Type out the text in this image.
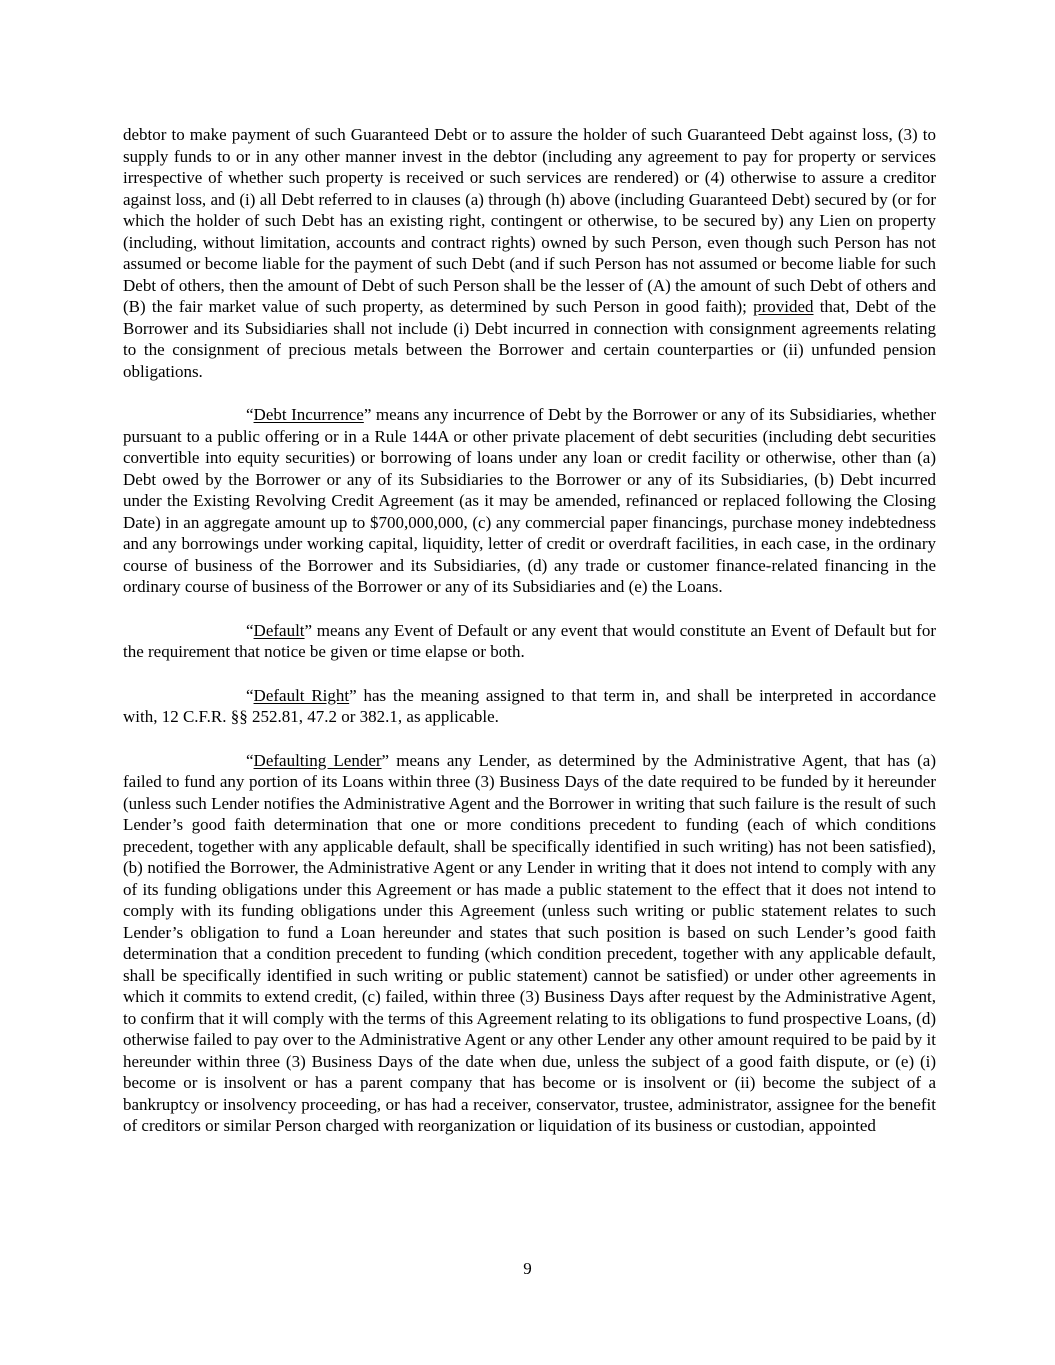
debtor to make payment of such Guaranteed Debt or to assure the holder of such Guaranteed Debt against loss, (3) to supply funds to or in any other manner invest in the debtor (including any agreement to pay for property or services irrespective of whether such property is received or such services are rendered) or (4) otherwise to assure a creditor against loss, and (i) all Debt referred to in clauses (a) through (h) above (including Guaranteed Debt) secured by (or for which the holder of such Debt has an existing right, contingent or otherwise, to be secured by) any Lien on property (including, without limitation, accounts and contract rights) owned by such Person, even though such Person has not assumed or become liable for the payment of such Debt (and if such Person has not assumed or become liable for such Debt of others, then the amount of Debt of such Person shall be the lesser of (A) the amount of such Debt of others and (B) the fair market value of such property, as determined by such Person in good faith); provided that, Debt of the Borrower and its Subsidiaries shall not include (i) Debt incurred in connection with consignment agreements relating to the consignment of precious metals between the Borrower and certain counterparties or (ii) unfunded pension obligations.

“Debt Incurrence” means any incurrence of Debt by the Borrower or any of its Subsidiaries, whether pursuant to a public offering or in a Rule 144A or other private placement of debt securities (including debt securities convertible into equity securities) or borrowing of loans under any loan or credit facility or otherwise, other than (a) Debt owed by the Borrower or any of its Subsidiaries to the Borrower or any of its Subsidiaries, (b) Debt incurred under the Existing Revolving Credit Agreement (as it may be amended, refinanced or replaced following the Closing Date) in an aggregate amount up to $700,000,000, (c) any commercial paper financings, purchase money indebtedness and any borrowings under working capital, liquidity, letter of credit or overdraft facilities, in each case, in the ordinary course of business of the Borrower and its Subsidiaries, (d) any trade or customer finance-related financing in the ordinary course of business of the Borrower or any of its Subsidiaries and (e) the Loans.

“Default” means any Event of Default or any event that would constitute an Event of Default but for the requirement that notice be given or time elapse or both.

“Default Right” has the meaning assigned to that term in, and shall be interpreted in accordance with, 12 C.F.R. §§ 252.81, 47.2 or 382.1, as applicable.

“Defaulting Lender” means any Lender, as determined by the Administrative Agent, that has (a) failed to fund any portion of its Loans within three (3) Business Days of the date required to be funded by it hereunder (unless such Lender notifies the Administrative Agent and the Borrower in writing that such failure is the result of such Lender’s good faith determination that one or more conditions precedent to funding (each of which conditions precedent, together with any applicable default, shall be specifically identified in such writing) has not been satisfied), (b) notified the Borrower, the Administrative Agent or any Lender in writing that it does not intend to comply with any of its funding obligations under this Agreement or has made a public statement to the effect that it does not intend to comply with its funding obligations under this Agreement (unless such writing or public statement relates to such Lender’s obligation to fund a Loan hereunder and states that such position is based on such Lender’s good faith determination that a condition precedent to funding (which condition precedent, together with any applicable default, shall be specifically identified in such writing or public statement) cannot be satisfied) or under other agreements in which it commits to extend credit, (c) failed, within three (3) Business Days after request by the Administrative Agent, to confirm that it will comply with the terms of this Agreement relating to its obligations to fund prospective Loans, (d) otherwise failed to pay over to the Administrative Agent or any other Lender any other amount required to be paid by it hereunder within three (3) Business Days of the date when due, unless the subject of a good faith dispute, or (e) (i) become or is insolvent or has a parent company that has become or is insolvent or (ii) become the subject of a bankruptcy or insolvency proceeding, or has had a receiver, conservator, trustee, administrator, assignee for the benefit of creditors or similar Person charged with reorganization or liquidation of its business or custodian, appointed

9
